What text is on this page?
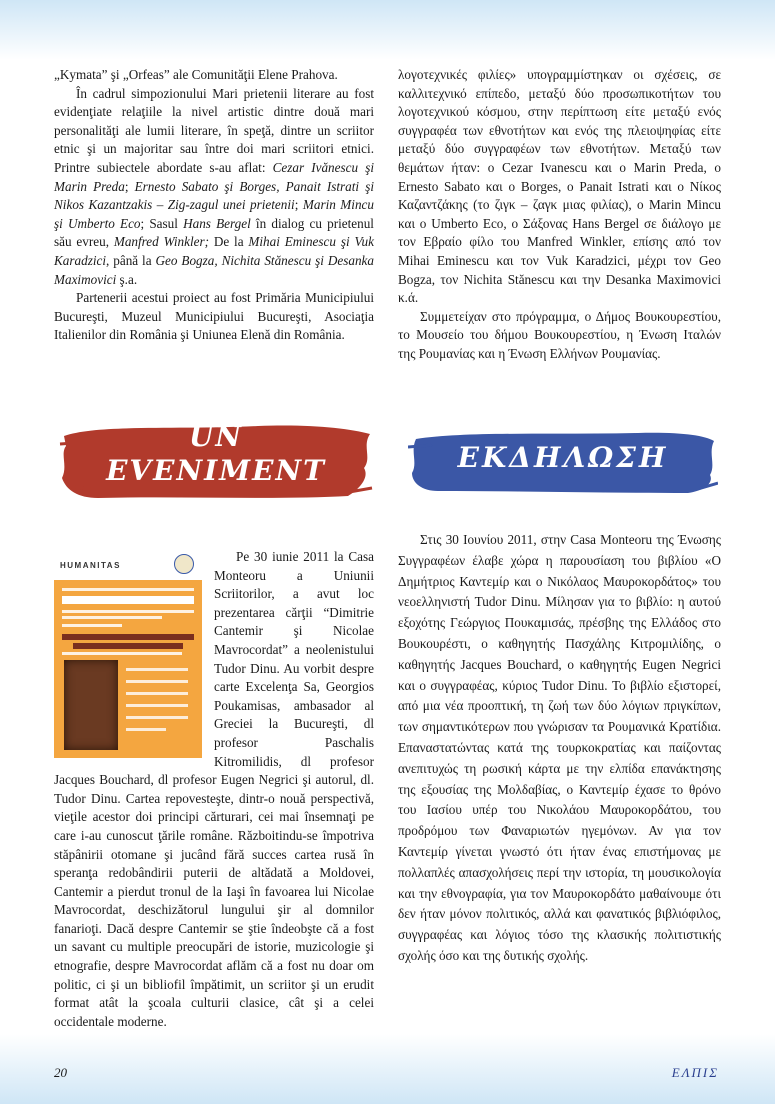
„Kymata” şi „Orfeas” ale Comunităţii Elene Prahova.

În cadrul simpozionului Mari prietenii literare au fost evidenţiate relaţiile la nivel artistic dintre două mari personalităţi ale lumii literare, în speţă, dintre un scriitor etnic şi un majoritar sau între doi mari scriitori etnici. Printre subiectele abordate s-au aflat: Cezar Ivănescu şi Marin Preda; Ernesto Sabato şi Borges, Panait Istrati şi Nikos Kazantzakis – Zig-zagul unei prietenii; Marin Mincu şi Umberto Eco; Sasul Hans Bergel în dialog cu prietenul său evreu, Manfred Winkler; De la Mihai Eminescu şi Vuk Karadzici, până la Geo Bogza, Nichita Stănescu şi Desanka Maximovici ş.a.

Partenerii acestui proiect au fost Primăria Municipiului Bucureşti, Muzeul Municipiului Bucureşti, Asociaţia Italienilor din România şi Uniunea Elenă din România.

λογοτεχνικές φιλίες» υπογραμμίστηκαν οι σχέσεις, σε καλλιτεχνικό επίπεδο, μεταξύ δύο προσωπικοτήτων του λογοτεχνικού κόσμου, στην περίπτωση είτε μεταξύ ενός συγγραφέα των εθνοτήτων και ενός της πλειοψηφίας είτε μεταξύ δύο συγγραφέων των εθνοτήτων. Μεταξύ των θεμάτων ήταν: ο Cezar Ivanescu και ο Marin Preda, ο Ernesto Sabato και ο Borges, ο Panait Istrati και ο Νίκος Καζαντζάκης (το ζιγκ – ζαγκ μιας φιλίας), ο Marin Mincu και ο Umberto Eco, ο Σάξονας Hans Bergel σε διάλογο με τον Εβραίο φίλο του Manfred Winkler, επίσης από τον Mihai Eminescu και τον Vuk Karadzici, μέχρι τον Geo Bogza, τον Nichita Stănescu και την Desanka Maximovici κ.ά.

Συμμετείχαν στο πρόγραμμα, ο Δήμος Βουκουρεστίου, το Μουσείο του δήμου Βουκουρεστίου, η Ένωση Ιταλών της Ρουμανίας και η Ένωση Ελλήνων Ρουμανίας.

UN
EVENIMENT	ΕΚΔΗΛΩΣΗ
HUMANITAS

Pe 30 iunie 2011 la Casa Monteoru a Uniunii Scriitorilor, a avut loc prezentarea cărţii “Dimitrie Cantemir şi Nicolae Mavrocordat” a neolenistului Tudor Dinu. Au vorbit despre carte Excelenţa Sa, Georgios Poukamisas, ambasador al Greciei la Bucureşti, dl profesor Paschalis Kitromilidis, dl profesor Jacques Bouchard, dl profesor Eugen Negrici şi autorul, dl. Tudor Dinu. Cartea repovesteşte, dintr-o nouă perspectivă, vieţile acestor doi principi cărturari, cei mai însemnaţi pe care i-au cunoscut ţările române. Războitindu-se împotriva stăpânirii otomane şi jucând fără succes cartea rusă în speranţa redobândirii puterii de altădată a Moldovei, Cantemir a pierdut tronul de la Iaşi în favoarea lui Nicolae Mavrocordat, deschizătorul lungului şir al domnilor fanarioţi. Dacă despre Cantemir se ştie îndeobşte că a fost un savant cu multiple preocupări de istorie, muzicologie şi etnografie, despre Mavrocordat aflăm că a fost nu doar om politic, ci şi un bibliofil împătimit, un scriitor şi un erudit format atât la şcoala culturii clasice, cât şi a celei occidentale moderne.

Στις 30 Ιουνίου 2011, στην Casa Monteoru της Ένωσης Συγγραφέων έλαβε χώρα η παρουσίαση του βιβλίου «Ο Δημήτριος Καντεμίρ και ο Νικόλαος Μαυροκορδάτος» του νεοελληνιστή Tudor Dinu. Μίλησαν για το βιβλίο: η αυτού εξοχότης Γεώργιος Πουκαμισάς, πρέσβης της Ελλάδος στο Βουκουρέστι, ο καθηγητής Πασχάλης Κιτρομιλίδης, ο καθηγητής Jacques Bouchard, ο καθηγητής Eugen Negrici και ο συγγραφέας, κύριος Tudor Dinu. Το βιβλίο εξιστορεί, από μια νέα προοπτική, τη ζωή των δύο λόγιων πριγκίπων, των σημαντικότερων που γνώρισαν τα Ρουμανικά Κρατίδια. Επαναστατώντας κατά της τουρκοκρατίας και παίζοντας ανεπιτυχώς τη ρωσική κάρτα με την ελπίδα επανάκτησης της εξουσίας της Μολδαβίας, ο Καντεμίρ έχασε το θρόνο του Ιασίου υπέρ του Νικολάου Μαυροκορδάτου, του προδρόμου των Φαναριωτών ηγεμόνων. Αν για τον Καντεμίρ γίνεται γνωστό ότι ήταν ένας επιστήμονας με πολλαπλές απασχολήσεις περί την ιστορία, τη μουσικολογία και την εθνογραφία, για τον Μαυροκορδάτο μαθαίνουμε ότι δεν ήταν μόνον πολιτικός, αλλά και φανατικός βιβλιόφιλος, συγγραφέας και λόγιος τόσο της κλασικής πολιτιστικής σχολής όσο και της δυτικής σχολής.

20	ΕΛΠΙΣ
